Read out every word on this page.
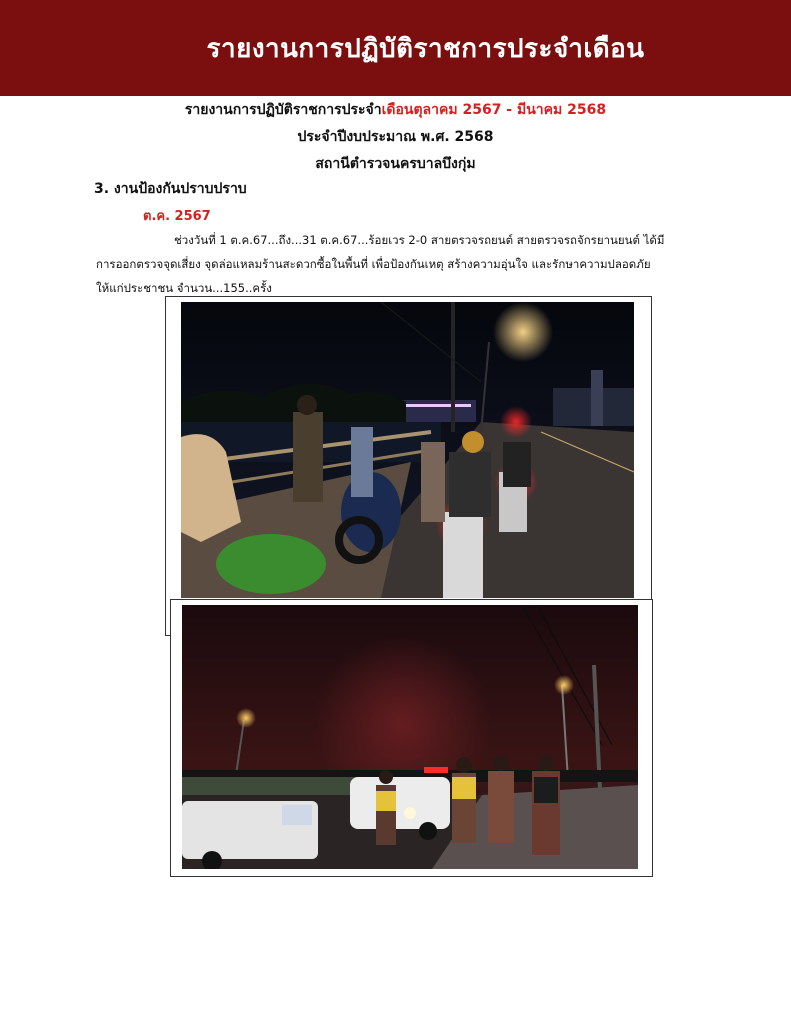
รายงานการปฏิบัติราชการประจำเดือน
รายงานการปฏิบัติราชการประจำเดือนตุลาคม 2567 - มีนาคม 2568
ประจำปีงบประมาณ พ.ศ. 2568
สถานีตำรวจนครบาลบึงกุ่ม
3. งานป้องกันปราบปราบ
ต.ค. 2567
ช่วงวันที่ 1 ต.ค.67...ถึง...31 ต.ค.67...ร้อยเวร 2-0 สายตรวจรถยนต์ สายตรวจรถจักรยานยนต์ ได้มี
การออกตรวจจุดเสี่ยง จุดล่อแหลมร้านสะดวกซื้อในพื้นที่ เพื่อป้องกันเหตุ สร้างความอุ่นใจ และรักษาความปลอดภัย
ให้แก่ประชาชน จำนวน...155..ครั้ง
